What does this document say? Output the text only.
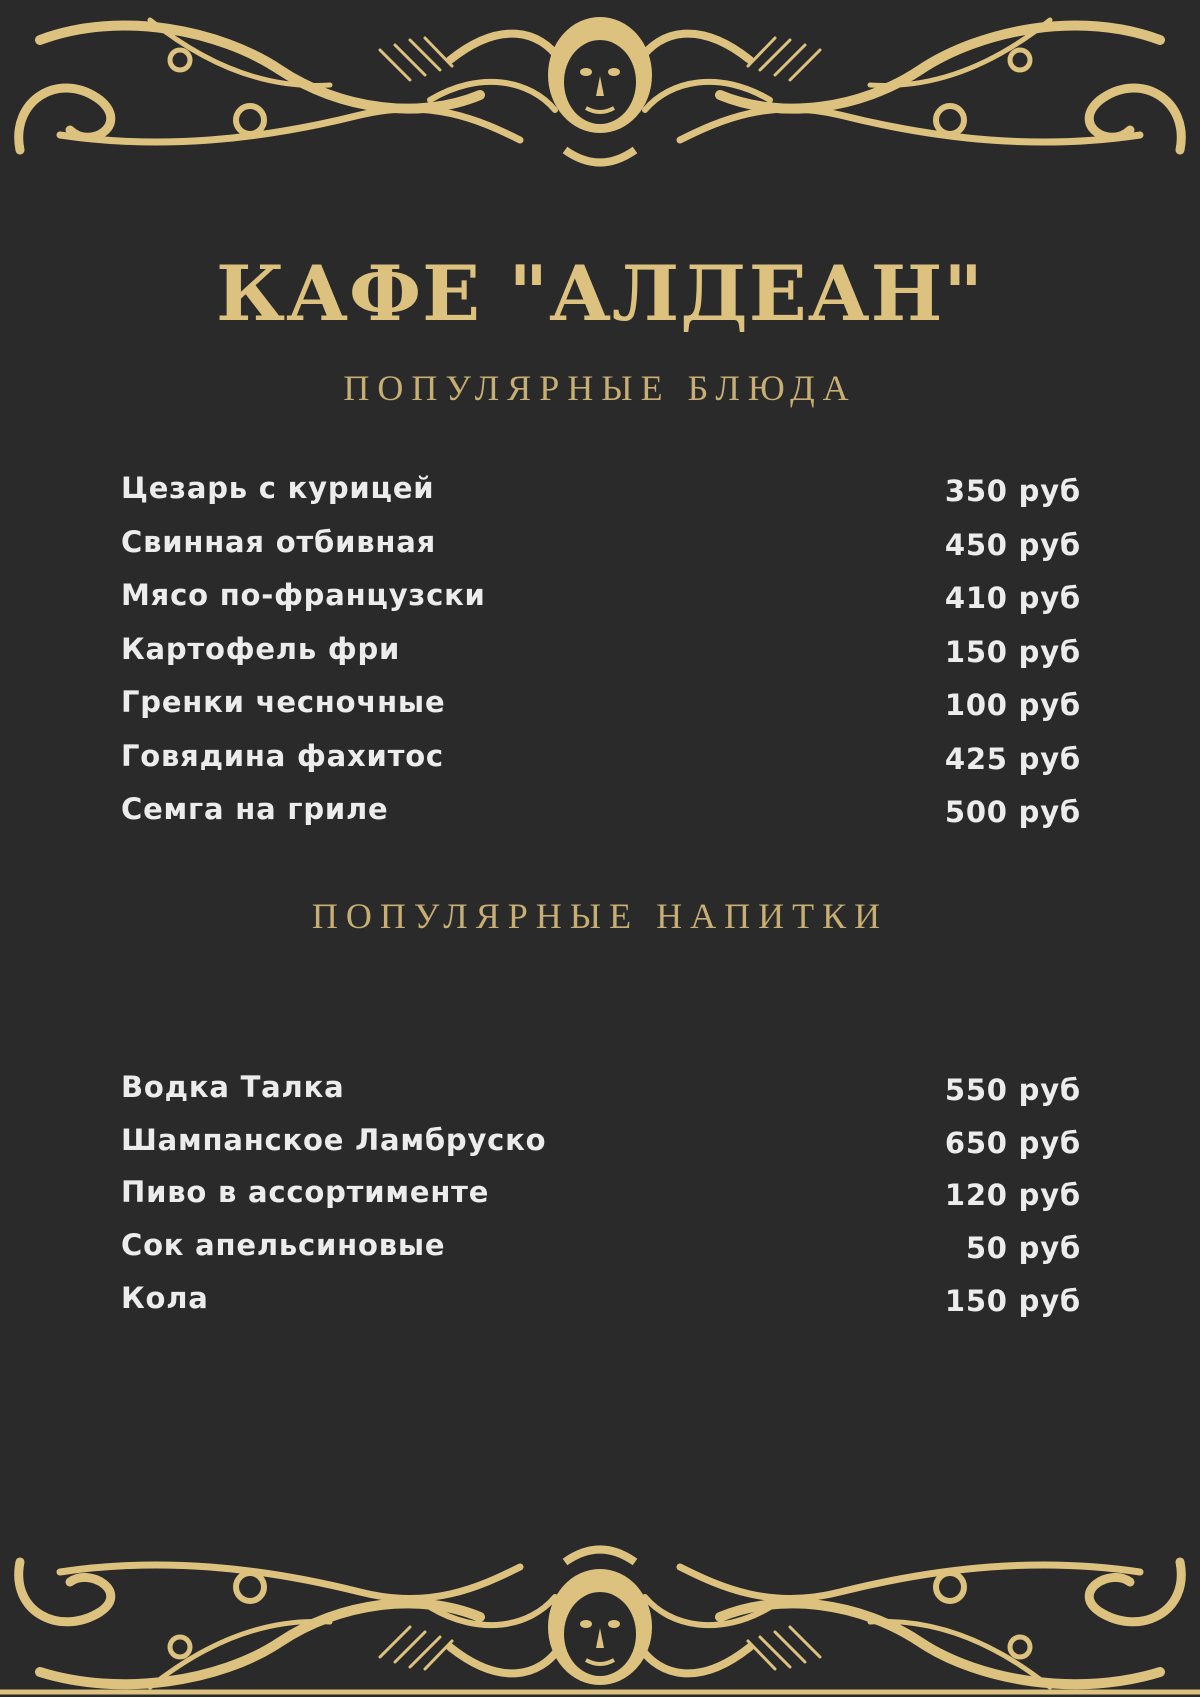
КАФЕ "АЛДЕАН"
ПОПУЛЯРНЫЕ БЛЮДА
Цезарь с курицей	350 руб
Свинная отбивная	450 руб
Мясо по-французски	410 руб
Картофель фри	150 руб
Гренки чесночные	100 руб
Говядина фахитос	425 руб
Семга на гриле	500 руб
ПОПУЛЯРНЫЕ НАПИТКИ
Водка Талка	550 руб
Шампанское Ламбруско	650 руб
Пиво в ассортименте	120 руб
Сок апельсиновые	50 руб
Кола	150 руб
